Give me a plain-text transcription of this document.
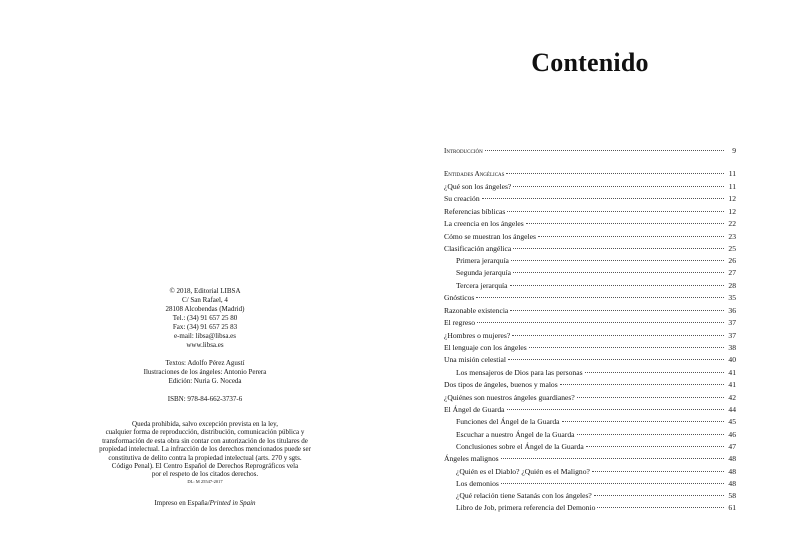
© 2018, Editorial LIBSA
C/ San Rafael, 4
28108 Alcobendas (Madrid)
Tel.: (34) 91 657 25 80
Fax: (34) 91 657 25 83
e-mail: libsa@libsa.es
www.libsa.es
Textos: Adolfo Pérez Agustí
Ilustraciones de los ángeles: Antonio Perera
Edición: Nuria G. Noceda
ISBN: 978-84-662-3737-6
Queda prohibida, salvo excepción prevista en la ley,
cualquier forma de reproducción, distribución, comunicación pública y
transformación de esta obra sin contar con autorización de los titulares de
propiedad intelectual. La infracción de los derechos mencionados puede ser
constitutiva de delito contra la propiedad intelectual (arts. 270 y sgts.
Código Penal). El Centro Español de Derechos Reprográficos vela
por el respeto de los citados derechos.
DL: M 25547-2017
Impreso en España/Printed in Spain
Contenido
Introducción	9
Entidades Angélicas	11
¿Qué son los ángeles?	11
Su creación	12
Referencias bíblicas	12
La creencia en los ángeles	22
Cómo se muestran los ángeles	23
Clasificación angélica	25
Primera jerarquía	26
Segunda jerarquía	27
Tercera jerarquía	28
Gnósticos	35
Razonable existencia	36
El regreso	37
¿Hombres o mujeres?	37
El lenguaje con los ángeles	38
Una misión celestial	40
Los mensajeros de Dios para las personas	41
Dos tipos de ángeles, buenos y malos	41
¿Quiénes son nuestros ángeles guardianes?	42
El Ángel de Guarda	44
Funciones del Ángel de la Guarda	45
Escuchar a nuestro Ángel de la Guarda	46
Conclusiones sobre el Ángel de la Guarda	47
Ángeles malignos	48
¿Quién es el Diablo? ¿Quién es el Maligno?	48
Los demonios	48
¿Qué relación tiene Satanás con los ángeles?	58
Libro de Job, primera referencia del Demonio	61
